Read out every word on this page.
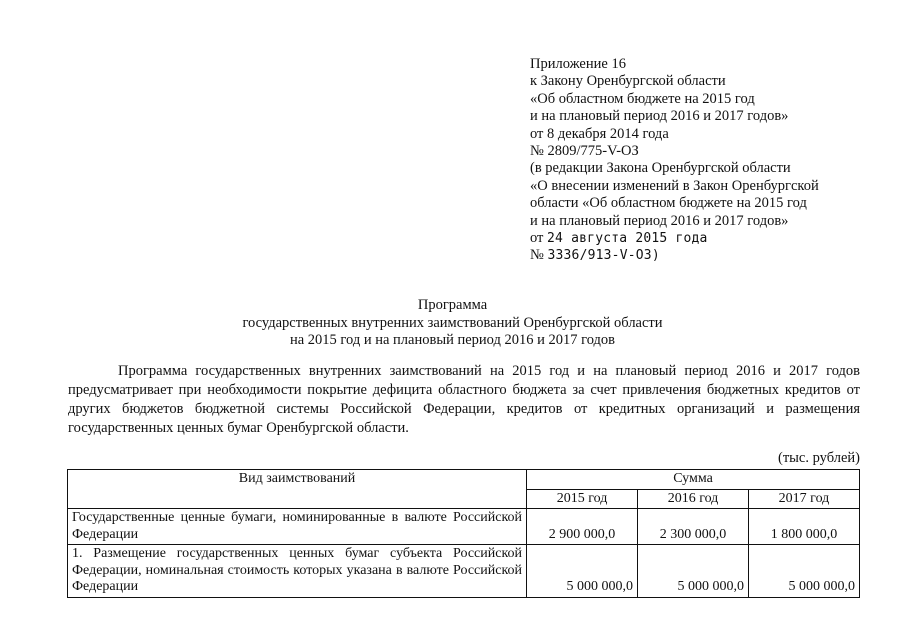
Приложение 16
к Закону Оренбургской области
«Об областном бюджете на 2015 год
и на плановый период 2016 и 2017 годов»
от 8 декабря 2014 года
№ 2809/775-V-ОЗ
(в редакции Закона Оренбургской области
«О внесении изменений в Закон Оренбургской
области «Об областном бюджете на 2015 год
и на плановый период 2016 и 2017 годов»
от 24 августа 2015 года
№ 3336/913-V-ОЗ)
Программа
государственных внутренних заимствований Оренбургской области
на 2015 год и на плановый период 2016 и 2017 годов

Программа государственных внутренних заимствований на 2015 год и на плановый период 2016 и 2017 годов предусматривает при необходимости покрытие дефицита областного бюджета за счет привлечения бюджетных кредитов от других бюджетов бюджетной системы Российской Федерации, кредитов от кредитных организаций и размещения государственных ценных бумаг Оренбургской области.

(тыс. рублей)
Вид заимствований	Сумма		
	2015 год	2016 год	2017 год
Государственные ценные бумаги, номинированные в валюте Российской Федерации	2 900 000,0	2 300 000,0	1 800 000,0
1. Размещение государственных ценных бумаг субъекта Российской Федерации, номинальная стоимость которых указана в валюте Российской Федерации	5 000 000,0	5 000 000,0	5 000 000,0
